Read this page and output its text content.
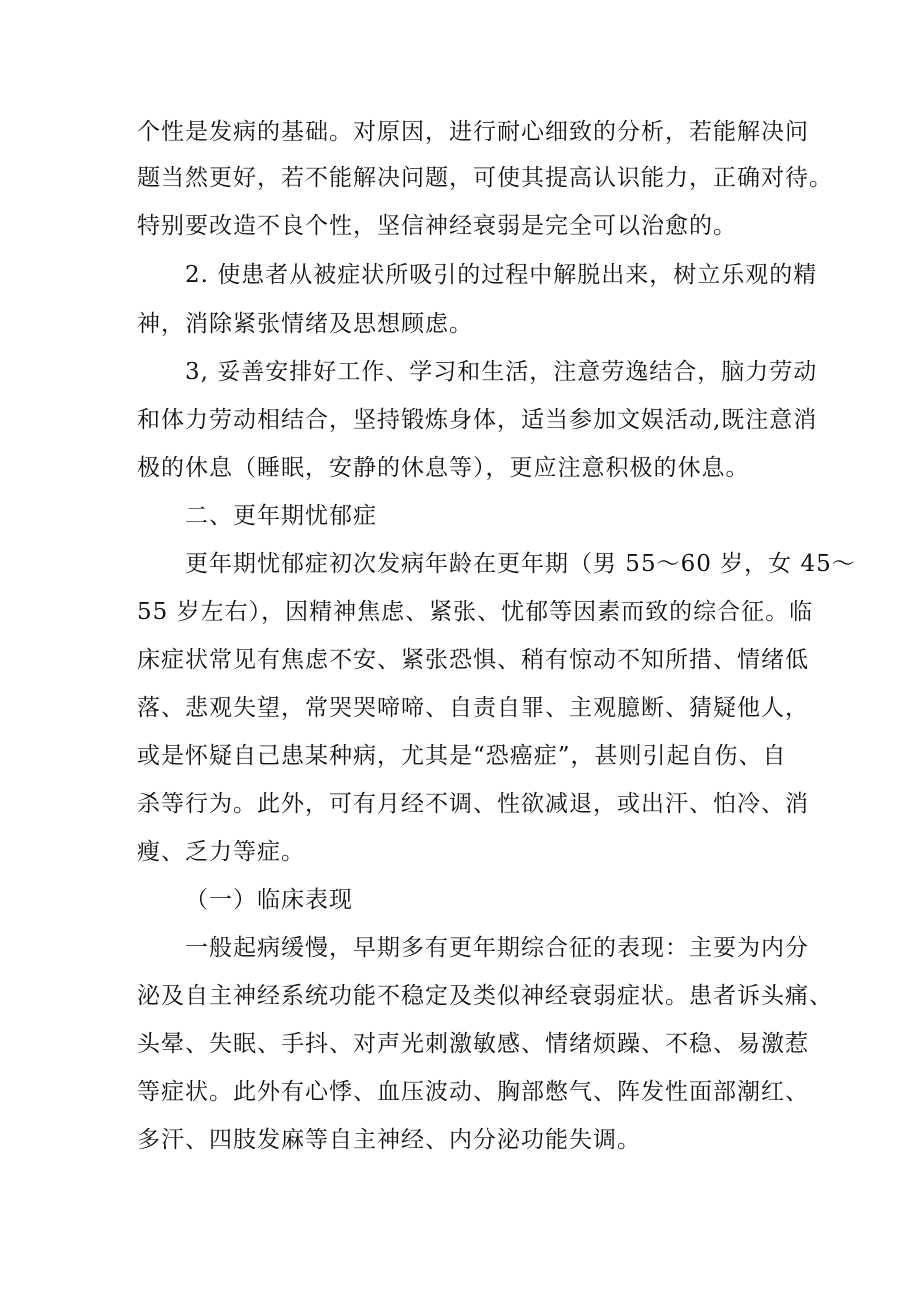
个性是发病的基础。对原因，进行耐心细致的分析，若能解决问
题当然更好，若不能解决问题，可使其提高认识能力，正确对待。
特别要改造不良个性，坚信神经衰弱是完全可以治愈的。
2. 使患者从被症状所吸引的过程中解脱出来，树立乐观的精
神，消除紧张情绪及思想顾虑。
3, 妥善安排好工作、学习和生活，注意劳逸结合，脑力劳动
和体力劳动相结合，坚持锻炼身体，适当参加文娱活动,既注意消
极的休息（睡眠，安静的休息等），更应注意积极的休息。
二、更年期忧郁症
更年期忧郁症初次发病年龄在更年期（男 55～60 岁，女 45～
55 岁左右），因精神焦虑、紧张、忧郁等因素而致的综合征。临
床症状常见有焦虑不安、紧张恐惧、稍有惊动不知所措、情绪低
落、悲观失望，常哭哭啼啼、自责自罪、主观臆断、猜疑他人，
或是怀疑自己患某种病，尤其是“恐癌症”，甚则引起自伤、自
杀等行为。此外，可有月经不调、性欲减退，或出汗、怕冷、消
瘦、乏力等症。
（一）临床表现
一般起病缓慢，早期多有更年期综合征的表现：主要为内分
泌及自主神经系统功能不稳定及类似神经衰弱症状。患者诉头痛、
头晕、失眠、手抖、对声光刺激敏感、情绪烦躁、不稳、易激惹
等症状。此外有心悸、血压波动、胸部憋气、阵发性面部潮红、
多汗、四肢发麻等自主神经、内分泌功能失调。
